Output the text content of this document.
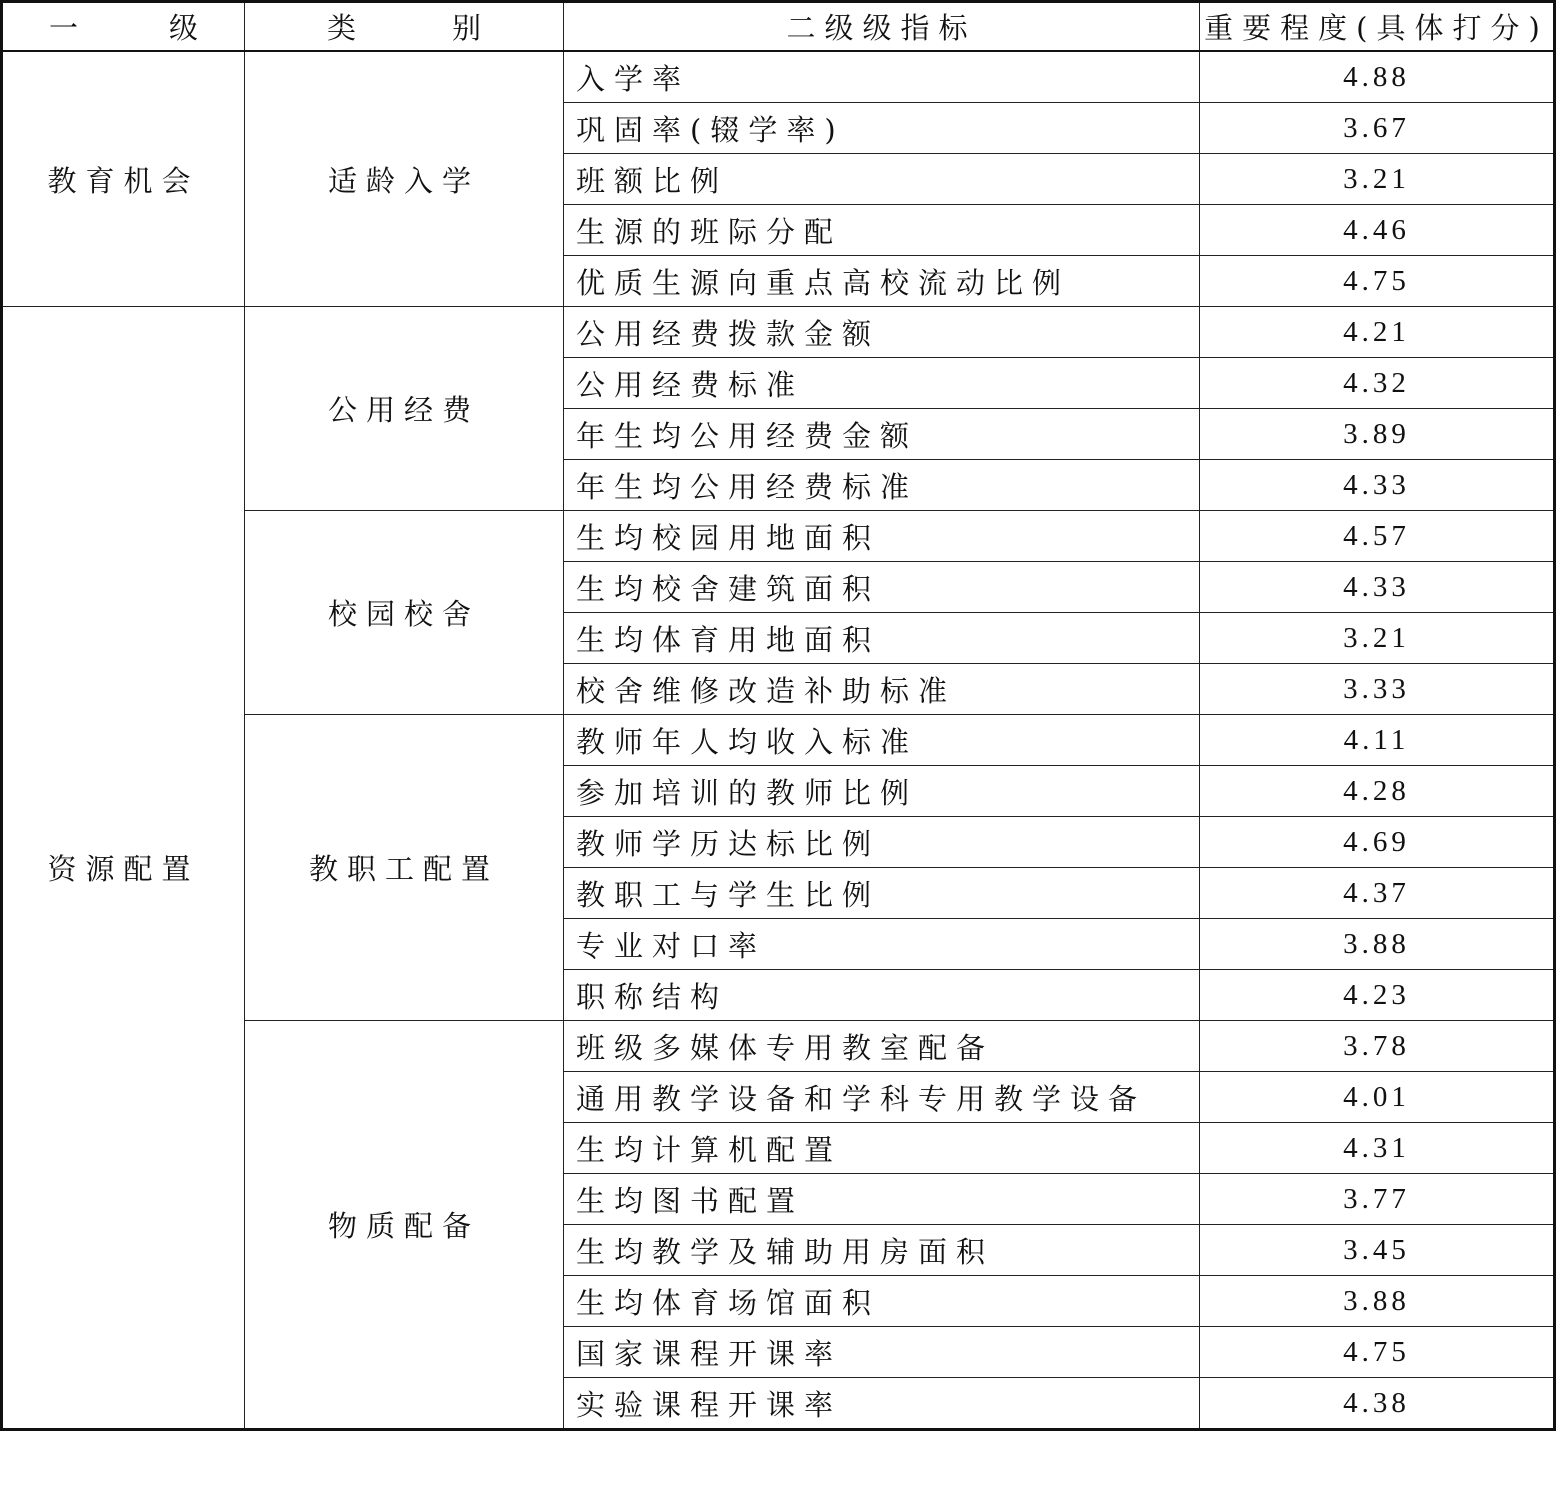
一 级	类 别	二级级指标	重要程度(具体打分)
教育机会	适龄入学	入学率	4.88
		巩固率(辍学率)	3.67
		班额比例	3.21
		生源的班际分配	4.46
		优质生源向重点高校流动比例	4.75
资源配置	公用经费	公用经费拨款金额	4.21
		公用经费标准	4.32
		年生均公用经费金额	3.89
		年生均公用经费标准	4.33
	校园校舍	生均校园用地面积	4.57
		生均校舍建筑面积	4.33
		生均体育用地面积	3.21
		校舍维修改造补助标准	3.33
	教职工配置	教师年人均收入标准	4.11
		参加培训的教师比例	4.28
		教师学历达标比例	4.69
		教职工与学生比例	4.37
		专业对口率	3.88
		职称结构	4.23
	物质配备	班级多媒体专用教室配备	3.78
		通用教学设备和学科专用教学设备	4.01
		生均计算机配置	4.31
		生均图书配置	3.77
		生均教学及辅助用房面积	3.45
		生均体育场馆面积	3.88
		国家课程开课率	4.75
		实验课程开课率	4.38
